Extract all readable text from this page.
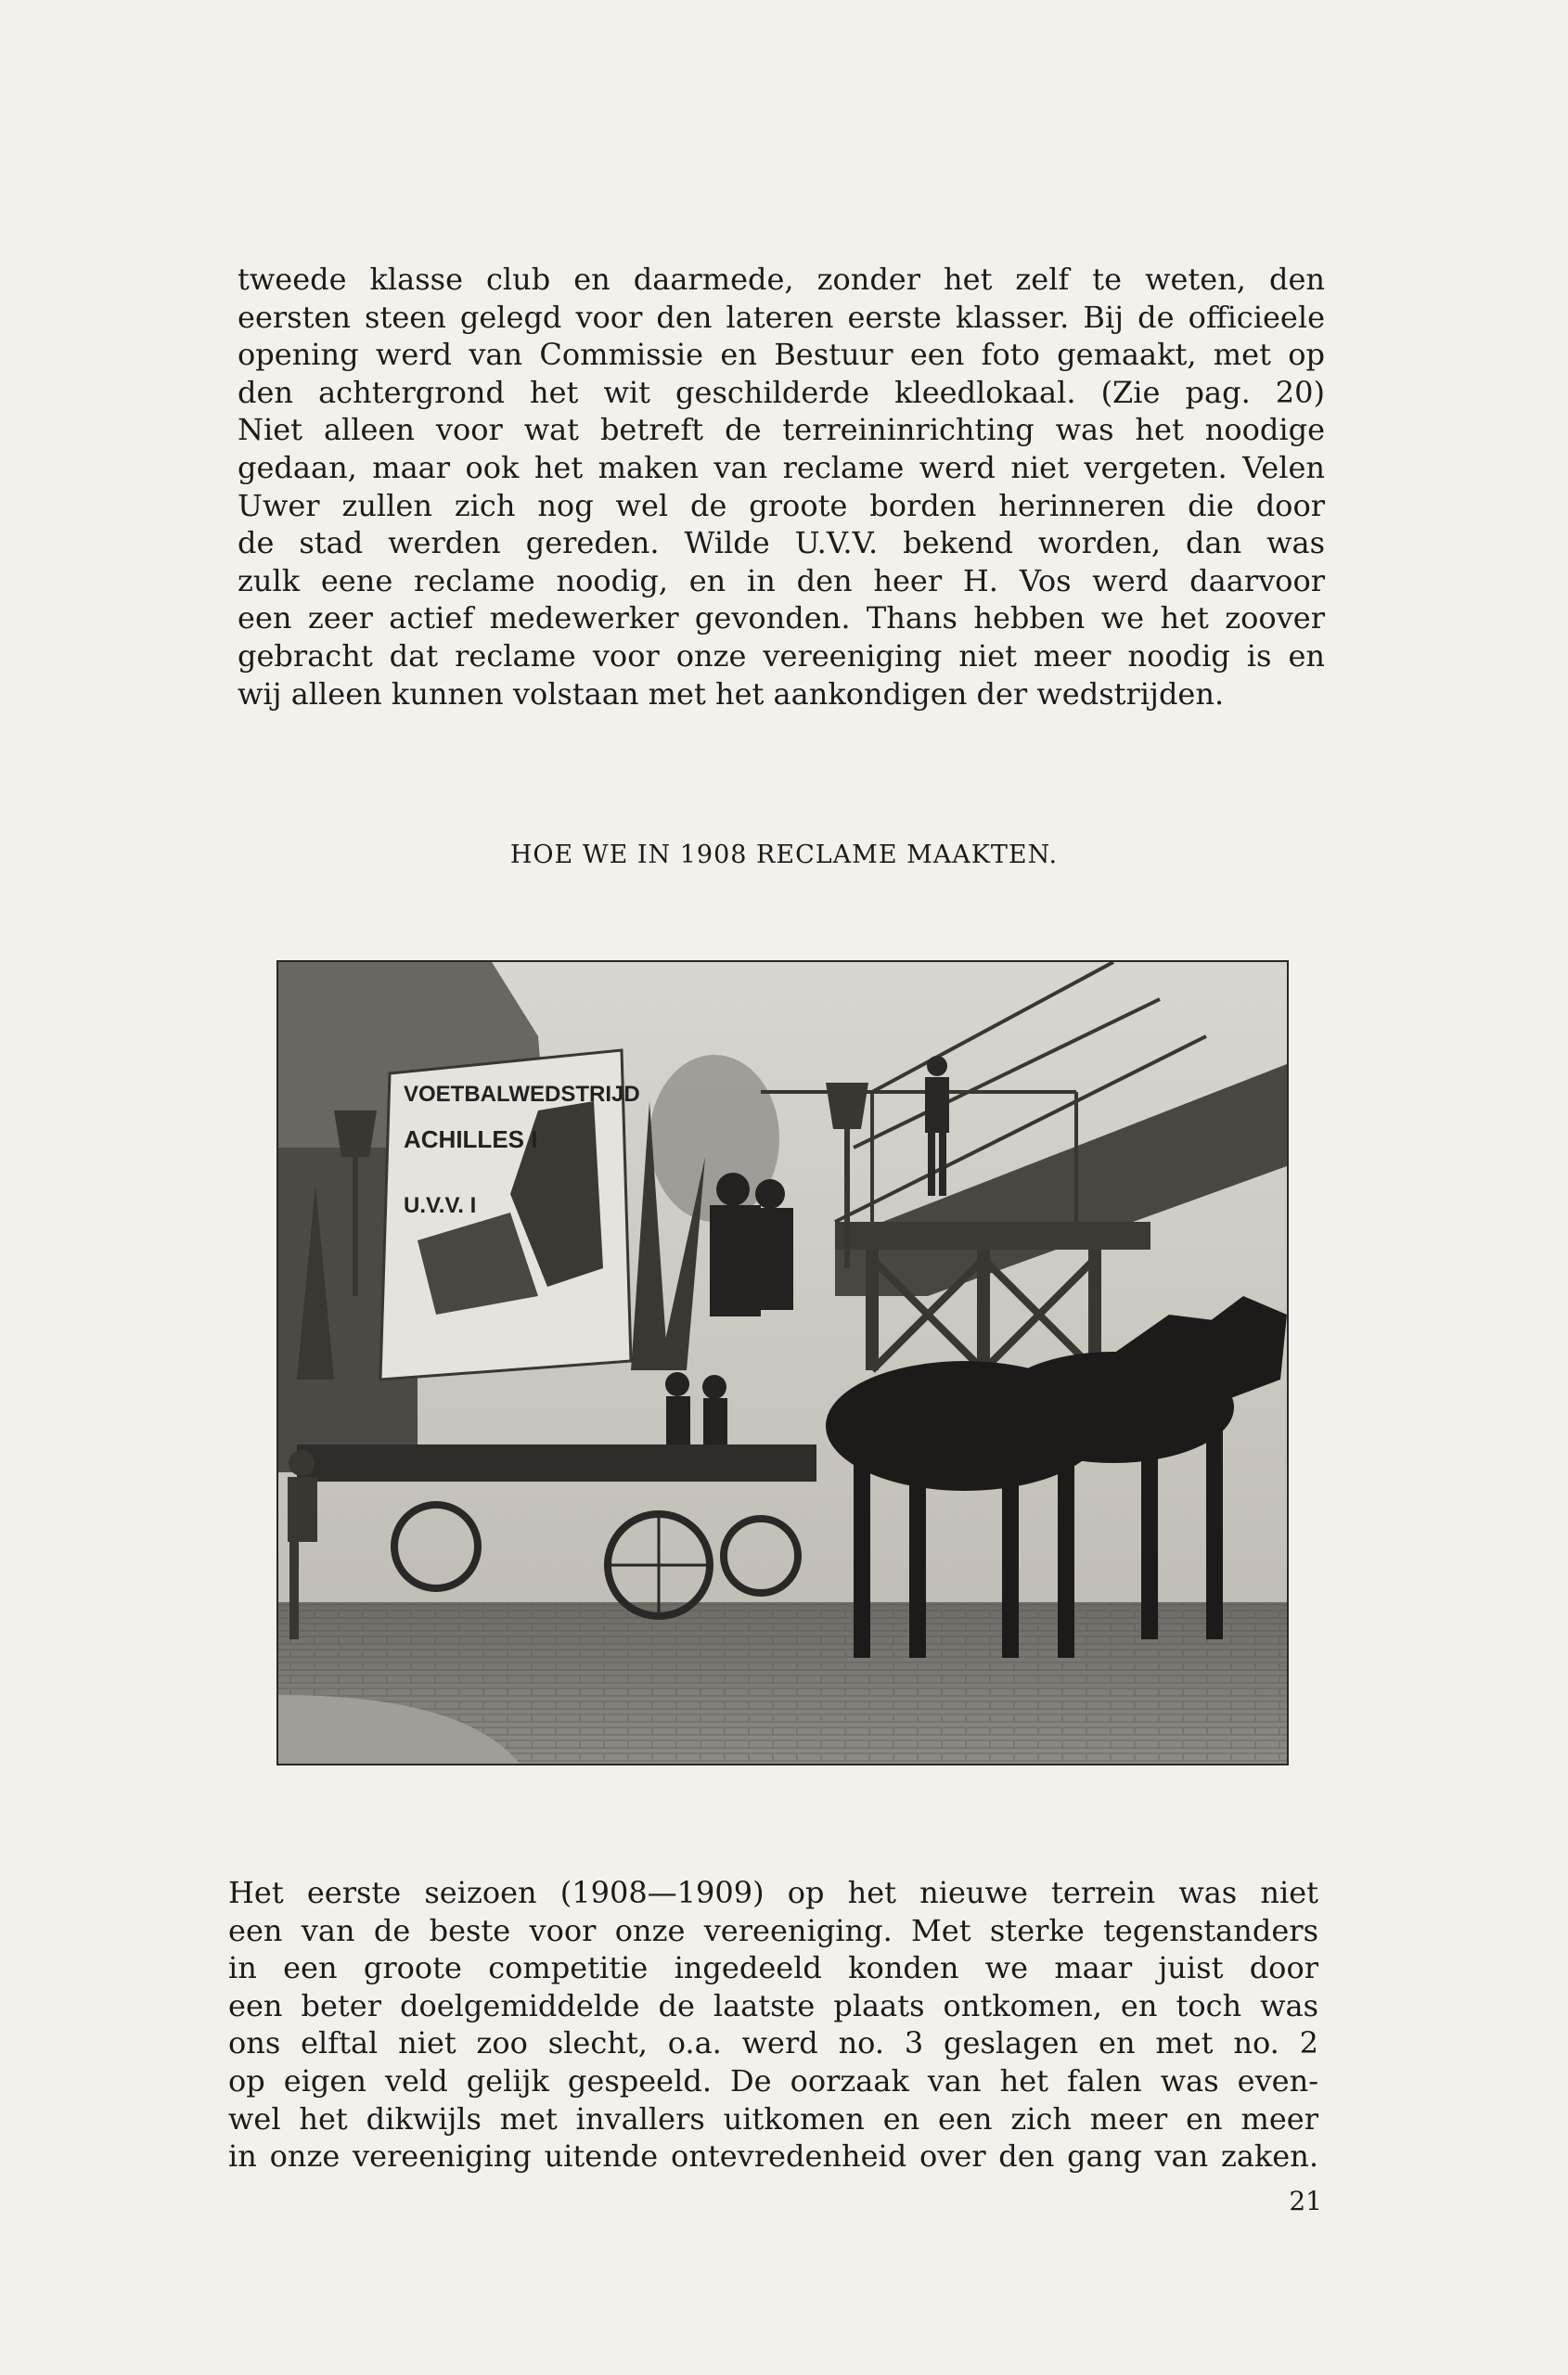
tweede klasse club en daarmede, zonder het zelf te weten, den
eersten steen gelegd voor den lateren eerste klasser. Bij de officieele
opening werd van Commissie en Bestuur een foto gemaakt, met op
den achtergrond het wit geschilderde kleedlokaal. (Zie pag. 20)
Niet alleen voor wat betreft de terreininrichting was het noodige
gedaan, maar ook het maken van reclame werd niet vergeten. Velen
Uwer zullen zich nog wel de groote borden herinneren die door
de stad werden gereden. Wilde U.V.V. bekend worden, dan was
zulk eene reclame noodig, en in den heer H. Vos werd daarvoor
een zeer actief medewerker gevonden. Thans hebben we het zoover
gebracht dat reclame voor onze vereeniging niet meer noodig is en
wij alleen kunnen volstaan met het aankondigen der wedstrijden.

HOE WE IN 1908 RECLAME MAAKTEN.
VOETBALWEDSTRIJD
ACHILLES I
U.V.V. I

Het eerste seizoen (1908—1909) op het nieuwe terrein was niet
een van de beste voor onze vereeniging. Met sterke tegenstanders
in een groote competitie ingedeeld konden we maar juist door
een beter doelgemiddelde de laatste plaats ontkomen, en toch was
ons elftal niet zoo slecht, o.a. werd no. 3 geslagen en met no. 2
op eigen veld gelijk gespeeld. De oorzaak van het falen was even-
wel het dikwijls met invallers uitkomen en een zich meer en meer
in onze vereeniging uitende ontevredenheid over den gang van zaken.

21
